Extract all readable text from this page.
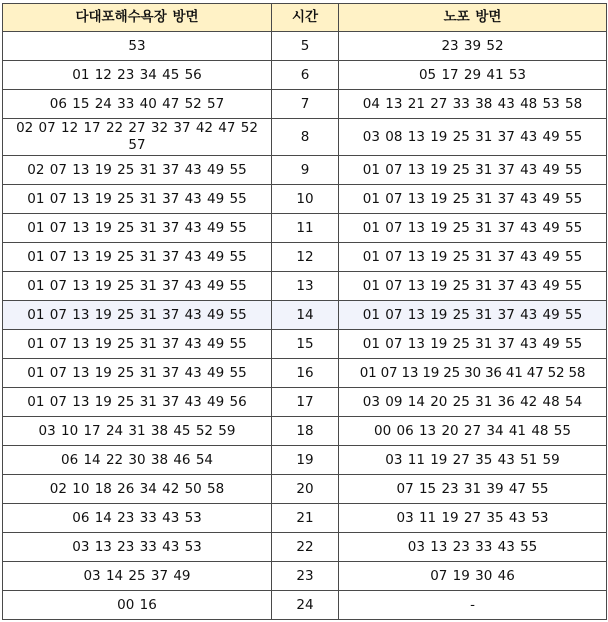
다대포해수욕장 방면	시간	노포 방면
53	5	23 39 52
01 12 23 34 45 56	6	05 17 29 41 53
06 15 24 33 40 47 52 57	7	04 13 21 27 33 38 43 48 53 58
02 07 12 17 22 27 32 37 42 47 52 57	8	03 08 13 19 25 31 37 43 49 55
02 07 13 19 25 31 37 43 49 55	9	01 07 13 19 25 31 37 43 49 55
01 07 13 19 25 31 37 43 49 55	10	01 07 13 19 25 31 37 43 49 55
01 07 13 19 25 31 37 43 49 55	11	01 07 13 19 25 31 37 43 49 55
01 07 13 19 25 31 37 43 49 55	12	01 07 13 19 25 31 37 43 49 55
01 07 13 19 25 31 37 43 49 55	13	01 07 13 19 25 31 37 43 49 55
01 07 13 19 25 31 37 43 49 55	14	01 07 13 19 25 31 37 43 49 55
01 07 13 19 25 31 37 43 49 55	15	01 07 13 19 25 31 37 43 49 55
01 07 13 19 25 31 37 43 49 55	16	01 07 13 19 25 30 36 41 47 52 58
01 07 13 19 25 31 37 43 49 56	17	03 09 14 20 25 31 36 42 48 54
03 10 17 24 31 38 45 52 59	18	00 06 13 20 27 34 41 48 55
06 14 22 30 38 46 54	19	03 11 19 27 35 43 51 59
02 10 18 26 34 42 50 58	20	07 15 23 31 39 47 55
06 14 23 33 43 53	21	03 11 19 27 35 43 53
03 13 23 33 43 53	22	03 13 23 33 43 55
03 14 25 37 49	23	07 19 30 46
00 16	24	-
